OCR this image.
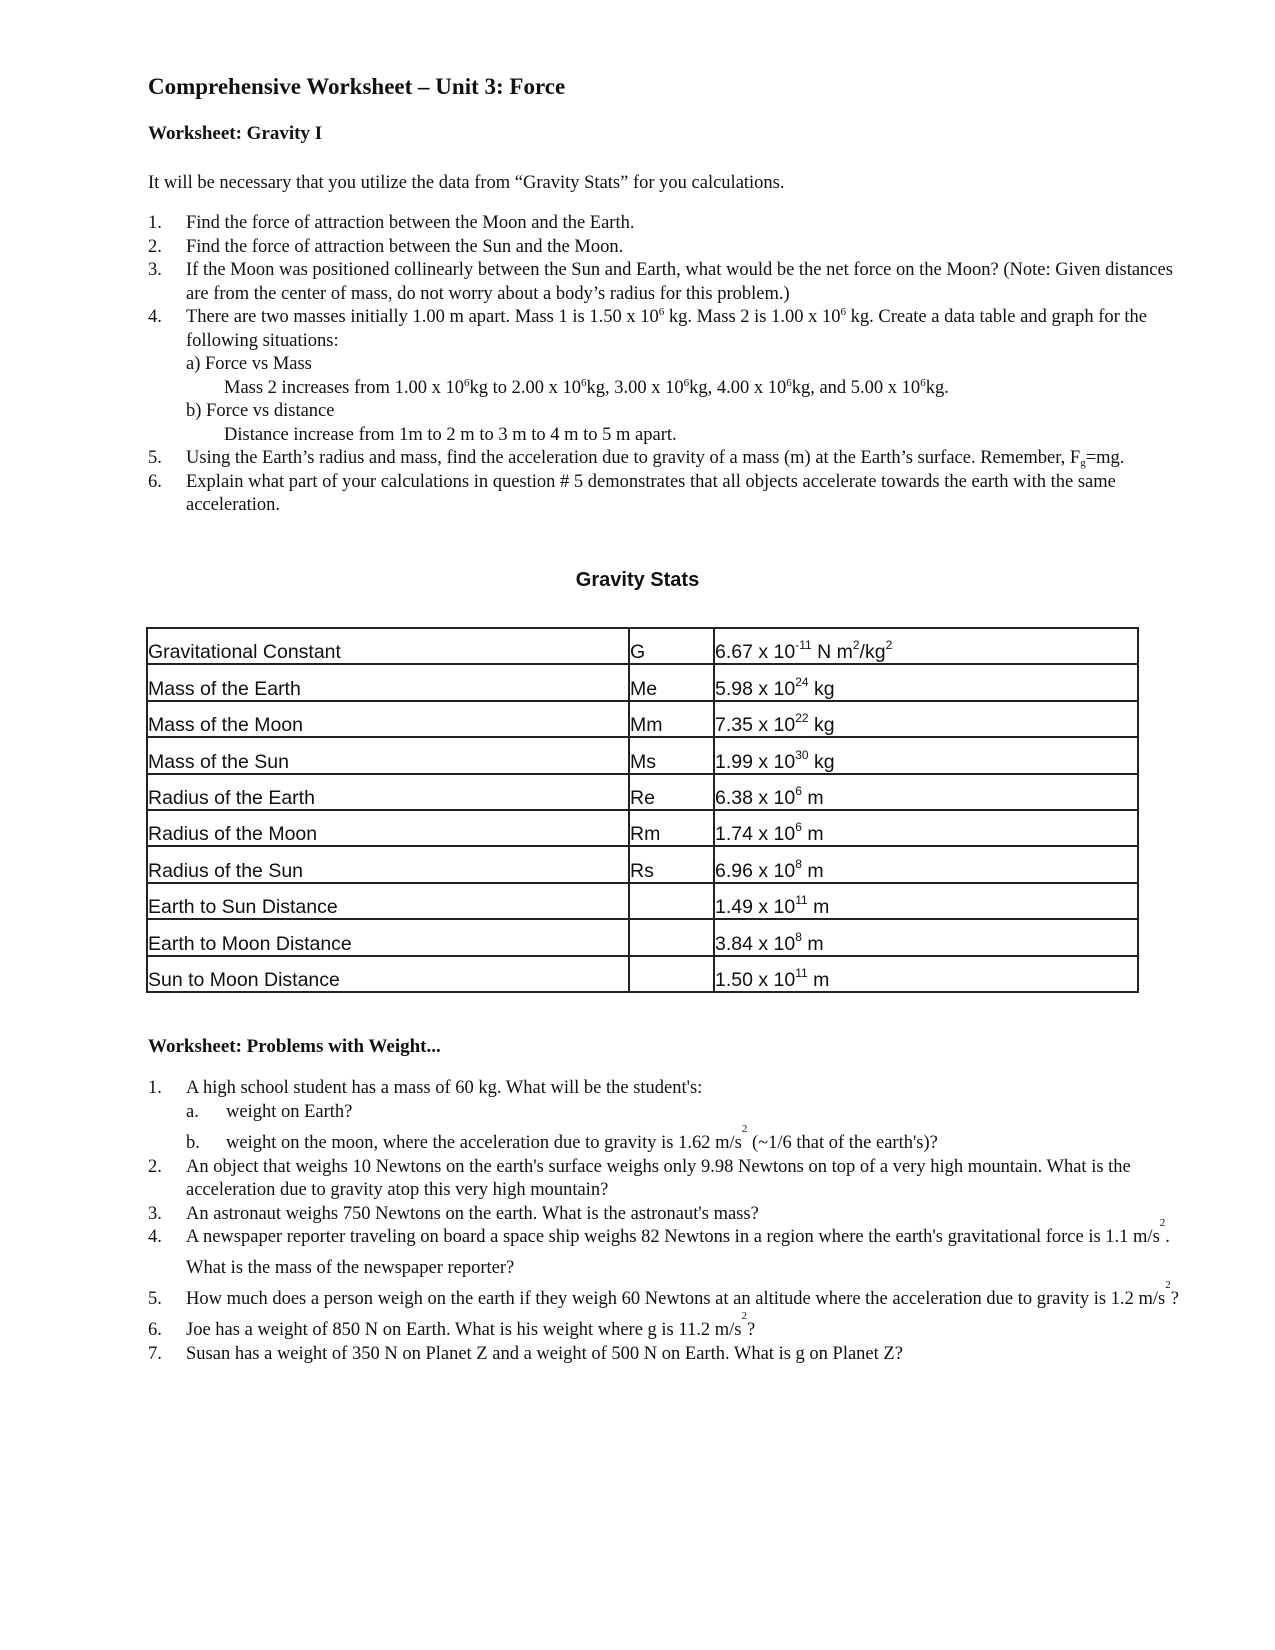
Comprehensive Worksheet – Unit 3: Force
Worksheet: Gravity I
It will be necessary that you utilize the data from “Gravity Stats” for you calculations.
1.	Find the force of attraction between the Moon and the Earth.
2.	Find the force of attraction between the Sun and the Moon.
3.	If the Moon was positioned collinearly between the Sun and Earth, what would be the net force on the Moon? (Note: Given distances are from the center of mass, do not worry about a body’s radius for this problem.)
4.	There are two masses initially 1.00 m apart. Mass 1 is 1.50 x $10^6$ kg. Mass 2 is 1.00 x $10^6$ kg. Create a data table and graph for the following situations:
a) Force vs Mass
Mass 2 increases from 1.00 x $10^6kg$ to 2.00 x $10^6kg$, 3.00 x $10^6kg$, 4.00 x $10^6kg$, and 5.00 x $10^6kg$.
b) Force vs distance
Distance increase from 1m to 2 m to 3 m to 4 m to 5 m apart.
5.	Using the Earth’s radius and mass, find the acceleration due to gravity of a mass (m) at the Earth’s surface. Remember, $F_g=mg$.
6.	Explain what part of your calculations in question # 5 demonstrates that all objects accelerate towards the earth with the same acceleration.
Gravity Stats
Gravitational Constant	G	6.67 x $10^{-11}$ N $m^2/kg^2$
Mass of the Earth	Me	5.98 x $10^{24}$ kg
Mass of the Moon	Mm	7.35 x $10^{22}$ kg
Mass of the Sun	Ms	1.99 x $10^{30}$ kg
Radius of the Earth	Re	6.38 x $10^6$ m
Radius of the Moon	Rm	1.74 x $10^6$ m
Radius of the Sun	Rs	6.96 x $10^8$ m
Earth to Sun Distance		1.49 x $10^{11}$ m
Earth to Moon Distance		3.84 x $10^8$ m
Sun to Moon Distance		1.50 x $10^{11}$ m
Worksheet: Problems with Weight...
1.	A high school student has a mass of 60 kg. What will be the student's:
a. weight on Earth?
b. weight on the moon, where the acceleration due to gravity is 1.62 $m/s^2$ (~1/6 that of the earth's)?
2.	An object that weighs 10 Newtons on the earth's surface weighs only 9.98 Newtons on top of a very high mountain. What is the acceleration due to gravity atop this very high mountain?
3.	An astronaut weighs 750 Newtons on the earth. What is the astronaut's mass?
4.	A newspaper reporter traveling on board a space ship weighs 82 Newtons in a region where the earth's gravitational force is 1.1 $m/s^2$. What is the mass of the newspaper reporter?
5.	How much does a person weigh on the earth if they weigh 60 Newtons at an altitude where the acceleration due to gravity is 1.2 $m/s^2$?
6.	Joe has a weight of 850 N on Earth. What is his weight where g is 11.2 $m/s^2$?
7.	Susan has a weight of 350 N on Planet Z and a weight of 500 N on Earth. What is g on Planet Z?
